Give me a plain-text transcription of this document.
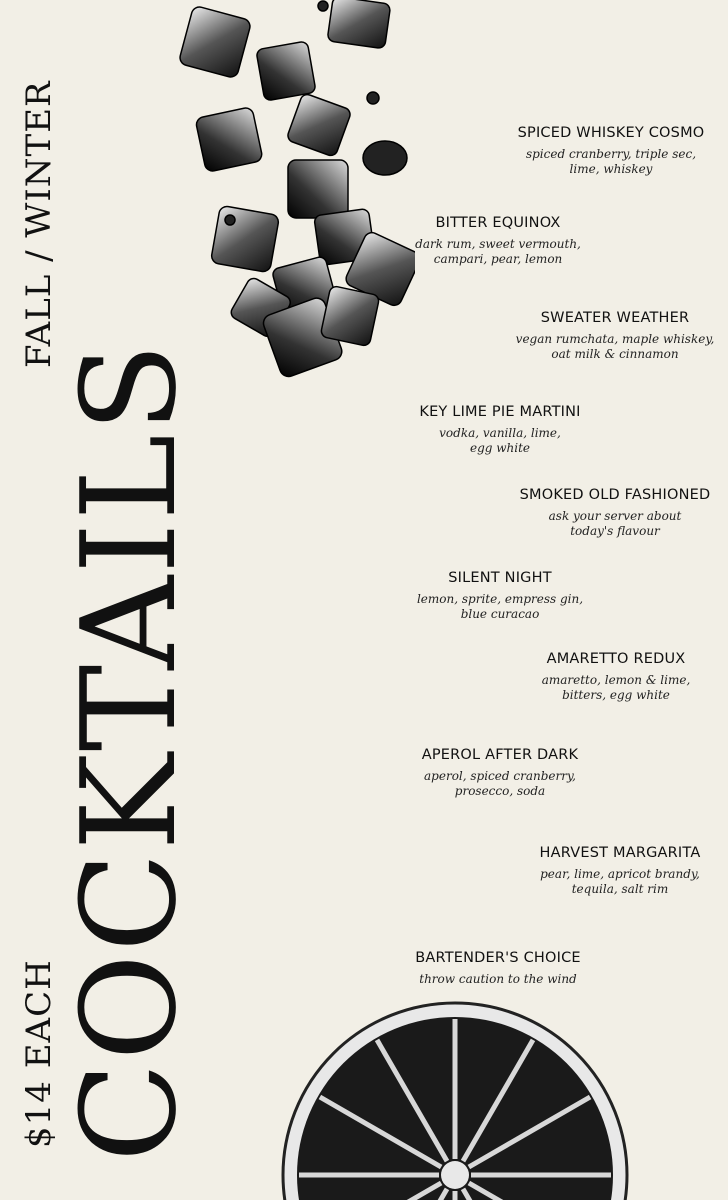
COCKTAILS
FALL / WINTER
$14 EACH
SPICED WHISKEY COSMO
spiced cranberry, triple sec,
lime, whiskey
BITTER EQUINOX
dark rum, sweet vermouth,
campari, pear, lemon
SWEATER WEATHER
vegan rumchata, maple whiskey,
oat milk & cinnamon
KEY LIME PIE MARTINI
vodka, vanilla, lime,
egg white
SMOKED OLD FASHIONED
ask your server about
today's flavour
SILENT NIGHT
lemon, sprite, empress gin,
blue curacao
AMARETTO REDUX
amaretto, lemon & lime,
bitters, egg white
APEROL AFTER DARK
aperol, spiced cranberry,
prosecco, soda
HARVEST MARGARITA
pear, lime, apricot brandy,
tequila, salt rim
BARTENDER'S CHOICE
throw caution to the wind
